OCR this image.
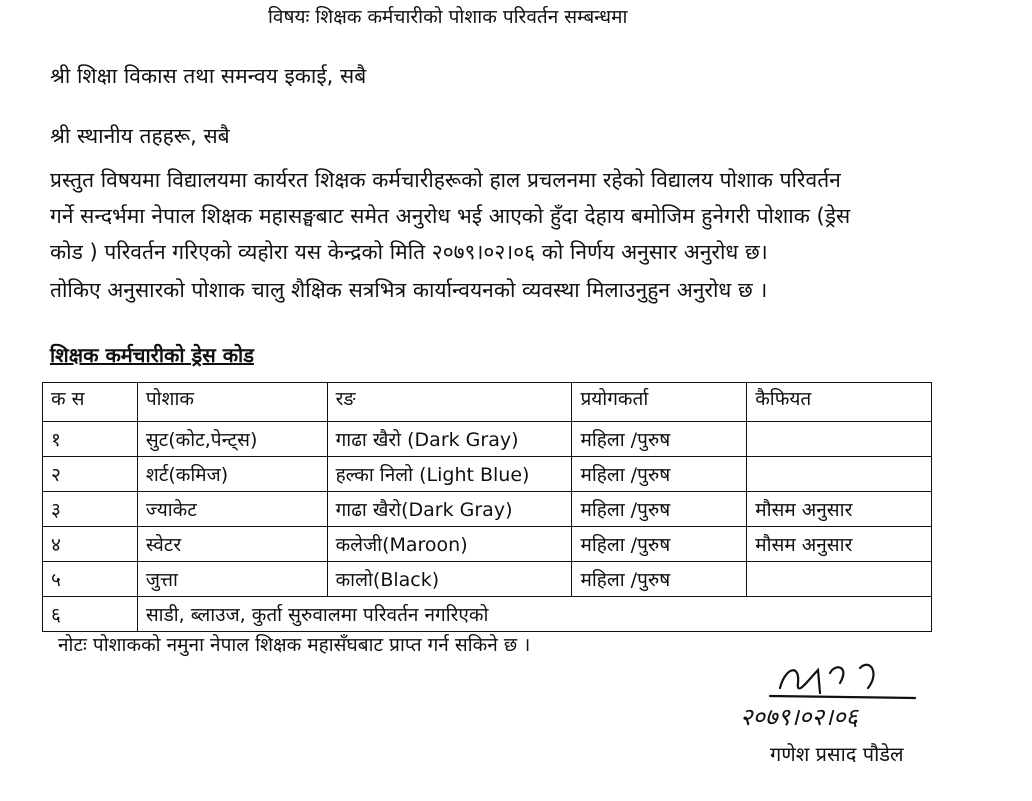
विषयः शिक्षक कर्मचारीको पोशाक परिवर्तन सम्बन्धमा
श्री शिक्षा विकास तथा समन्वय इकाई, सबै
श्री स्थानीय तहहरू, सबै
प्रस्तुत विषयमा विद्यालयमा कार्यरत शिक्षक कर्मचारीहरूको हाल प्रचलनमा रहेको विद्यालय पोशाक परिवर्तन
गर्ने सन्दर्भमा नेपाल शिक्षक महासङ्घबाट समेत अनुरोध भई आएको हुँदा देहाय बमोजिम हुनेगरी पोशाक (ड्रेस
कोड ) परिवर्तन गरिएको व्यहोरा यस केन्द्रको मिति २०७९।०२।०६ को निर्णय अनुसार अनुरोध छ।
तोकिए अनुसारको पोशाक चालु शैक्षिक सत्रभित्र कार्यान्वयनको व्यवस्था मिलाउनुहुन अनुरोध छ ।
शिक्षक कर्मचारीको ड्रेस कोड
क स	पोशाक	रङ	प्रयोगकर्ता	कैफियत
१	सुट(कोट,पेन्ट्स)	गाढा खैरो (Dark Gray)	महिला /पुरुष	
२	शर्ट(कमिज)	हल्का निलो (Light Blue)	महिला /पुरुष	
३	ज्याकेट	गाढा खैरो(Dark Gray)	महिला /पुरुष	मौसम अनुसार
४	स्वेटर	कलेजी(Maroon)	महिला /पुरुष	मौसम अनुसार
५	जुत्ता	कालो(Black)	महिला /पुरुष	
६	साडी, ब्लाउज, कुर्ता सुरुवालमा परिवर्तन नगरिएको			
नोटः पोशाकको नमुना नेपाल शिक्षक महासँघबाट प्राप्त गर्न सकिने छ ।
२०७९।०२।०६
गणेश प्रसाद पौडेल
